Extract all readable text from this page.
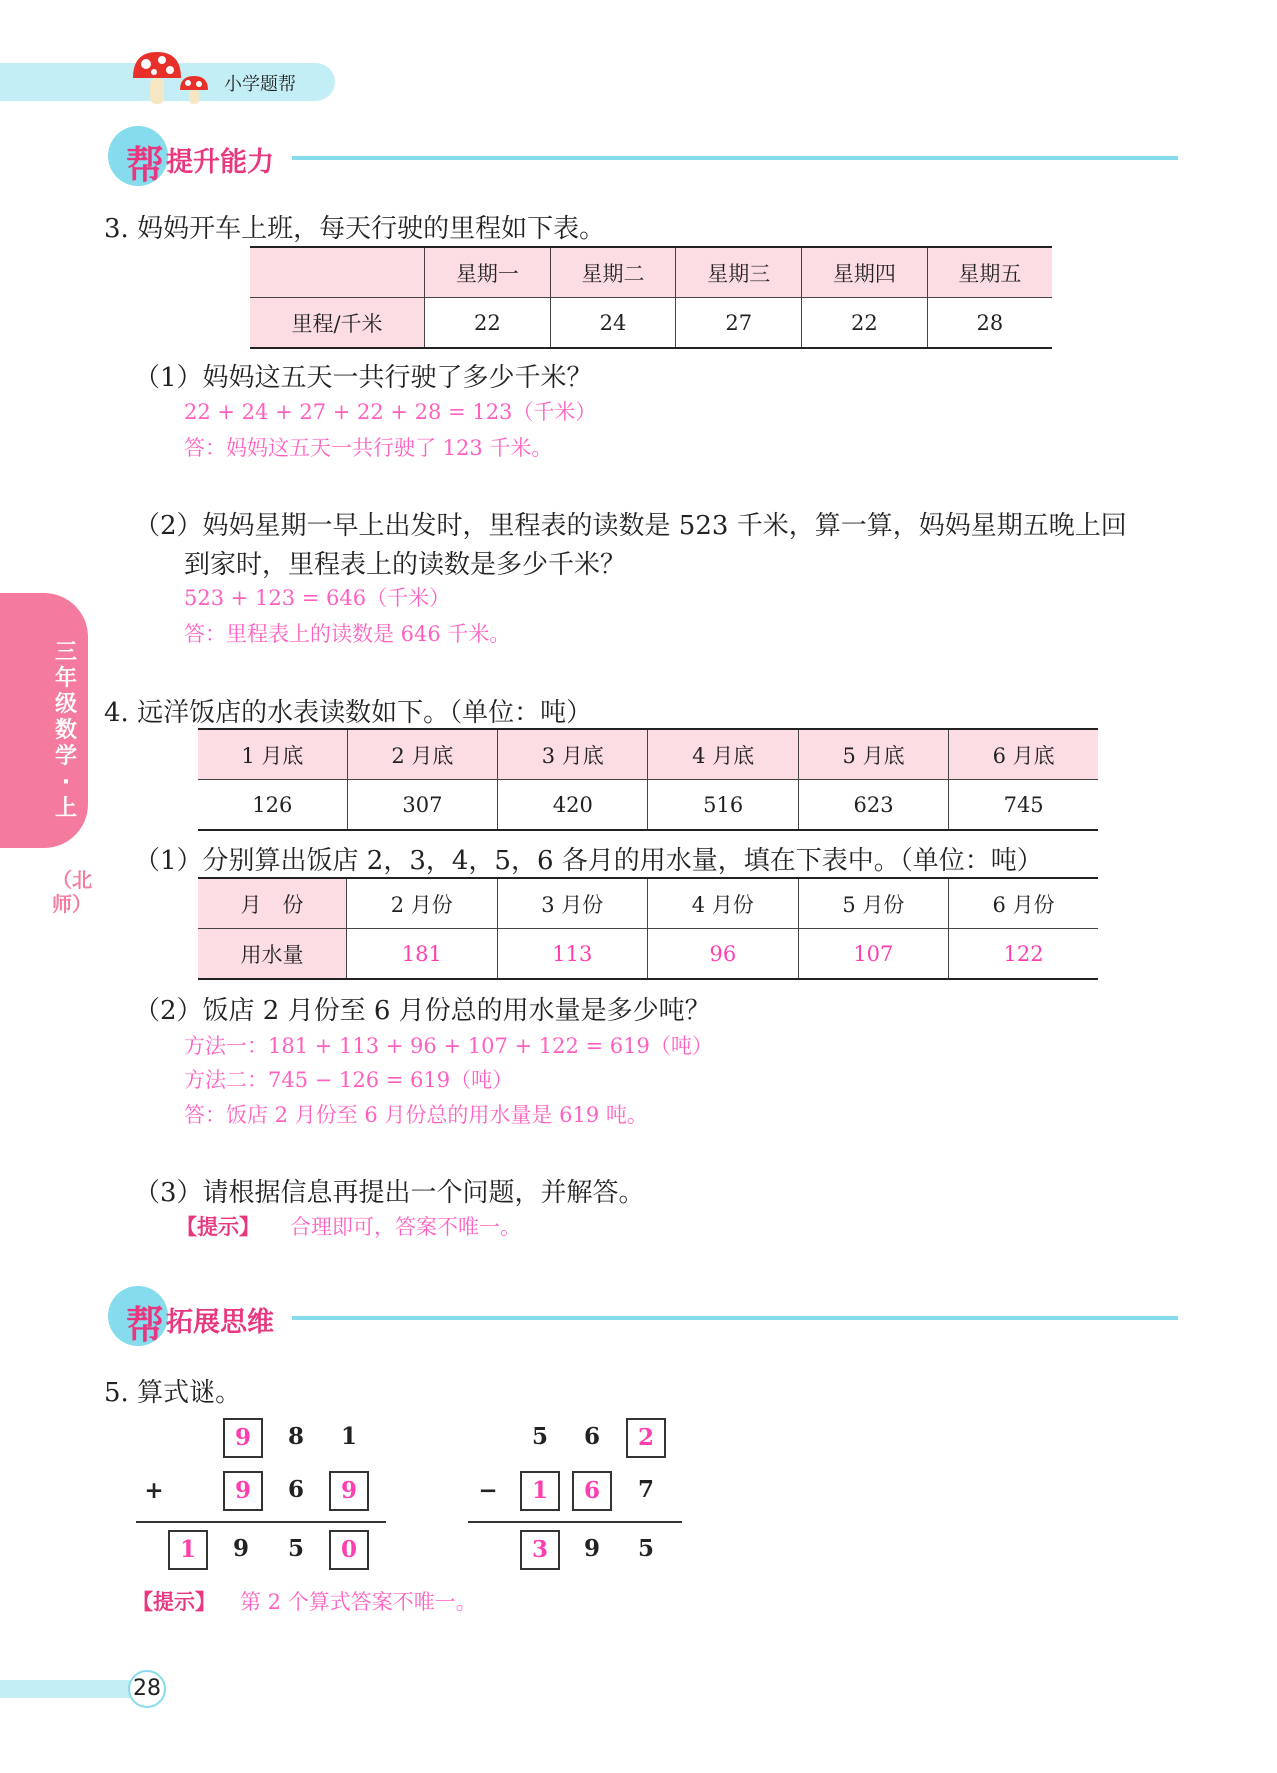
小学题帮
帮 提升能力
3. 妈妈开车上班，每天行驶的里程如下表。
	星期一	星期二	星期三	星期四	星期五
里程/千米	22	24	27	22	28
（1）妈妈这五天一共行驶了多少千米？
22 + 24 + 27 + 22 + 28 = 123（千米）
答：妈妈这五天一共行驶了 123 千米。
（2）妈妈星期一早上出发时，里程表的读数是 523 千米，算一算，妈妈星期五晚上回
到家时，里程表上的读数是多少千米？
523 + 123 = 646（千米）
答：里程表上的读数是 646 千米。
三年级数学·上
（北师）
4. 远洋饭店的水表读数如下。（单位：吨）
1 月底	2 月底	3 月底	4 月底	5 月底	6 月底
126	307	420	516	623	745
（1）分别算出饭店 2，3，4，5，6 各月的用水量，填在下表中。（单位：吨）
月　份	2 月份	3 月份	4 月份	5 月份	6 月份
用水量	181	113	96	107	122
（2）饭店 2 月份至 6 月份总的用水量是多少吨？
方法一：181 + 113 + 96 + 107 + 122 = 619（吨）
方法二：745 − 126 = 619（吨）
答：饭店 2 月份至 6 月份总的用水量是 619 吨。
（3）请根据信息再提出一个问题，并解答。
【提示】 合理即可，答案不唯一。
帮 拓展思维
5. 算式谜。
9	8	1
+	9	6	9
1	9	5	0
5	6	2
−	1	6	7
3	9	5
【提示】 第 2 个算式答案不唯一。
28
